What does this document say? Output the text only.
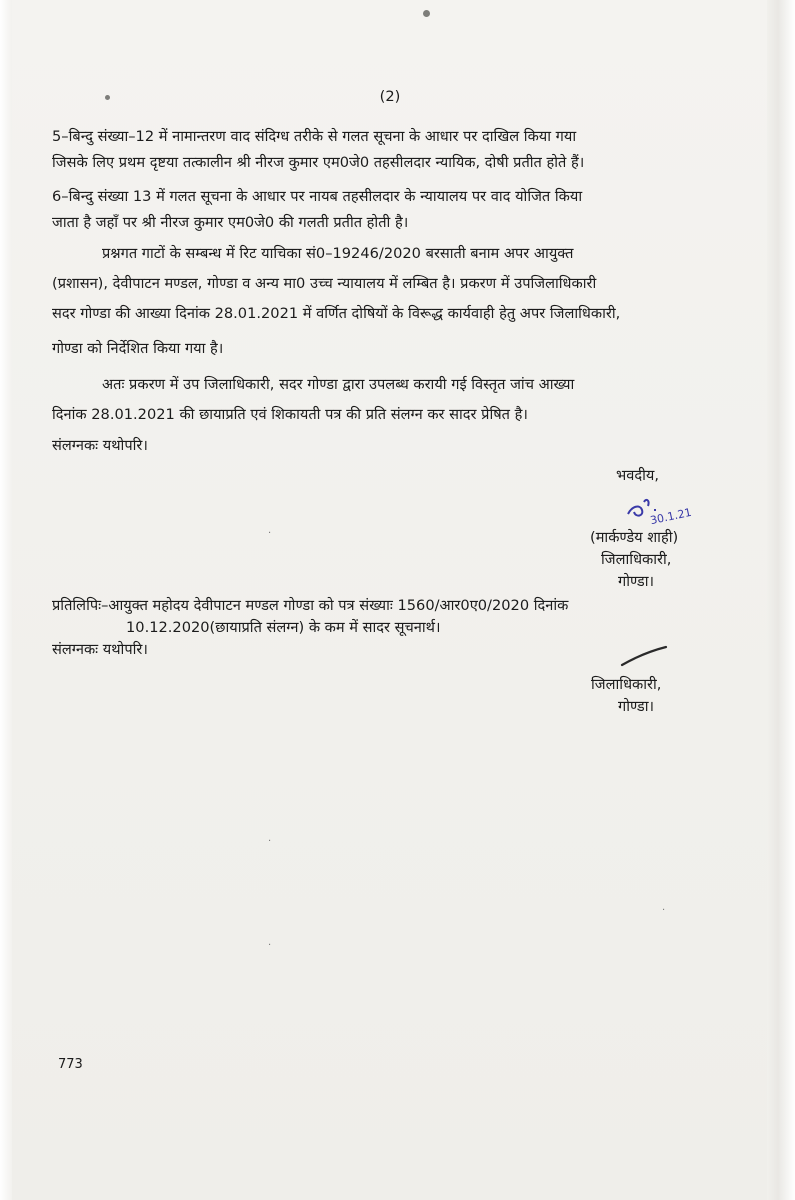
(2)
5–बिन्दु संख्या–12 में नामान्तरण वाद संदिग्ध तरीके से गलत सूचना के आधार पर दाखिल किया गया
जिसके लिए प्रथम दृष्टया तत्कालीन श्री नीरज कुमार एम0जे0 तहसीलदार न्यायिक, दोषी प्रतीत होते हैं।
6–बिन्दु संख्या 13 में गलत सूचना के आधार पर नायब तहसीलदार के न्यायालय पर वाद योजित किया
जाता है जहॉं पर श्री नीरज कुमार एम0जे0 की गलती प्रतीत होती है।
प्रश्नगत गाटों के सम्बन्ध में रिट याचिका सं0–19246/2020 बरसाती बनाम अपर आयुक्त
(प्रशासन), देवीपाटन मण्डल, गोण्डा व अन्य मा0 उच्च न्यायालय में लम्बित है। प्रकरण में उपजिलाधिकारी
सदर गोण्डा की आख्या दिनांक 28.01.2021 में वर्णित दोषियों के विरूद्ध कार्यवाही हेतु अपर जिलाधिकारी,
गोण्डा को निर्देशित किया गया है।
अतः प्रकरण में उप जिलाधिकारी, सदर गोण्डा द्वारा उपलब्ध करायी गई विस्तृत जांच आख्या
दिनांक 28.01.2021 की छायाप्रति एवं शिकायती पत्र की प्रति संलग्न कर सादर प्रेषित है।
संलग्नकः यथोपरि।
भवदीय,
30.1.21
(मार्कण्डेय शाही)
जिलाधिकारी,
गोण्डा।
प्रतिलिपिः–आयुक्त महोदय देवीपाटन मण्डल गोण्डा को पत्र संख्याः 1560/आर0ए0/2020 दिनांक
10.12.2020(छायाप्रति संलग्न) के कम में सादर सूचनार्थ।
संलग्नकः यथोपरि।
जिलाधिकारी,
गोण्डा।
·
·
·
·
773
